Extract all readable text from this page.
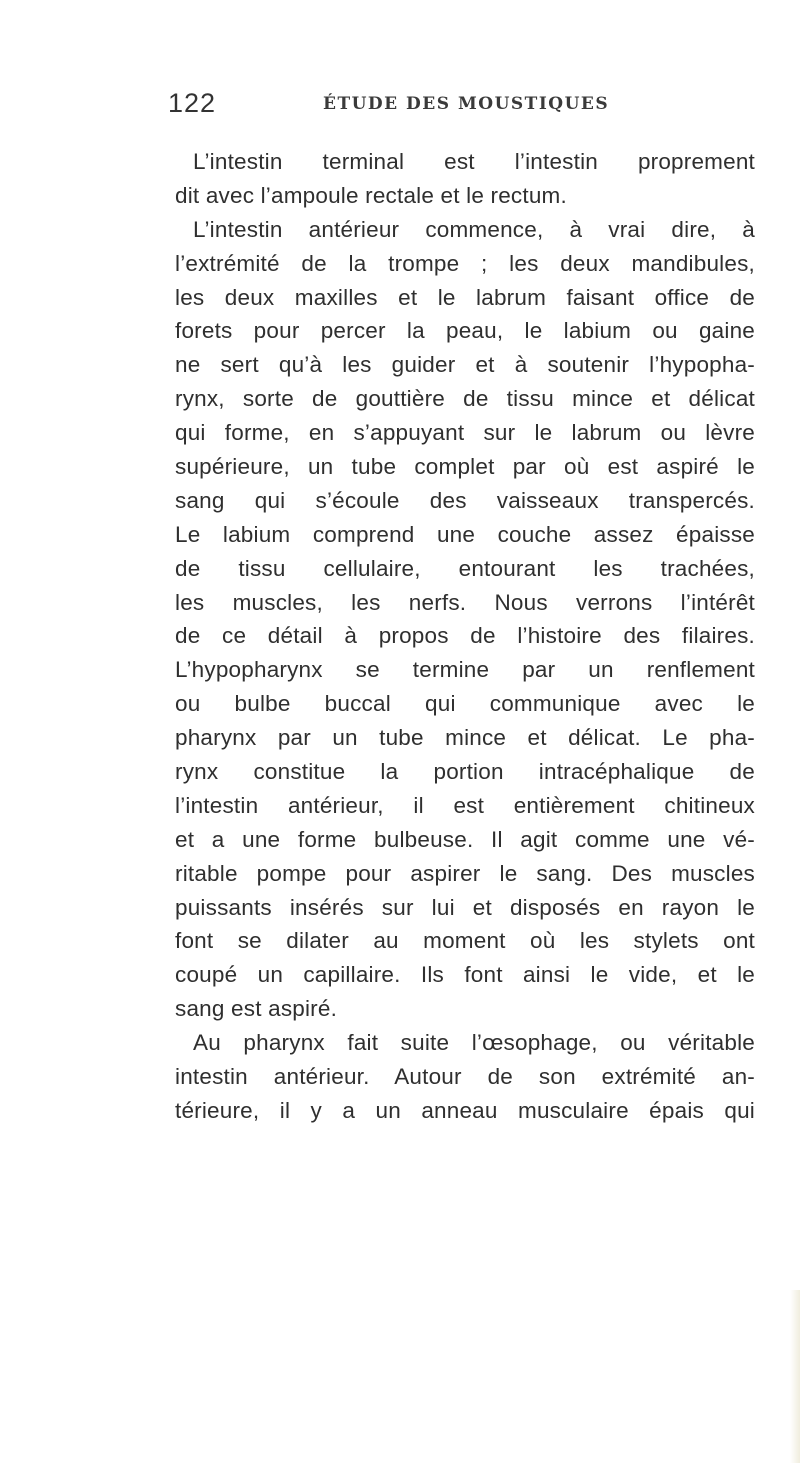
122	ÉTUDE DES MOUSTIQUES
L’intestin terminal est l’intestin proprement
dit avec l’ampoule rectale et le rectum.
L’intestin antérieur commence, à vrai dire, à
l’extrémité de la trompe ; les deux mandibules,
les deux maxilles et le labrum faisant office de
forets pour percer la peau, le labium ou gaine
ne sert qu’à les guider et à soutenir l’hypopha-
rynx, sorte de gouttière de tissu mince et délicat
qui forme, en s’appuyant sur le labrum ou lèvre
supérieure, un tube complet par où est aspiré le
sang qui s’écoule des vaisseaux transpercés.
Le labium comprend une couche assez épaisse
de tissu cellulaire, entourant les trachées,
les muscles, les nerfs. Nous verrons l’intérêt
de ce détail à propos de l’histoire des filaires.
L’hypopharynx se termine par un renflement
ou bulbe buccal qui communique avec le
pharynx par un tube mince et délicat. Le pha-
rynx constitue la portion intracéphalique de
l’intestin antérieur, il est entièrement chitineux
et a une forme bulbeuse. Il agit comme une vé-
ritable pompe pour aspirer le sang. Des muscles
puissants insérés sur lui et disposés en rayon le
font se dilater au moment où les stylets ont
coupé un capillaire. Ils font ainsi le vide, et le
sang est aspiré.
Au pharynx fait suite l’œsophage, ou véritable
intestin antérieur. Autour de son extrémité an-
térieure, il y a un anneau musculaire épais qui
